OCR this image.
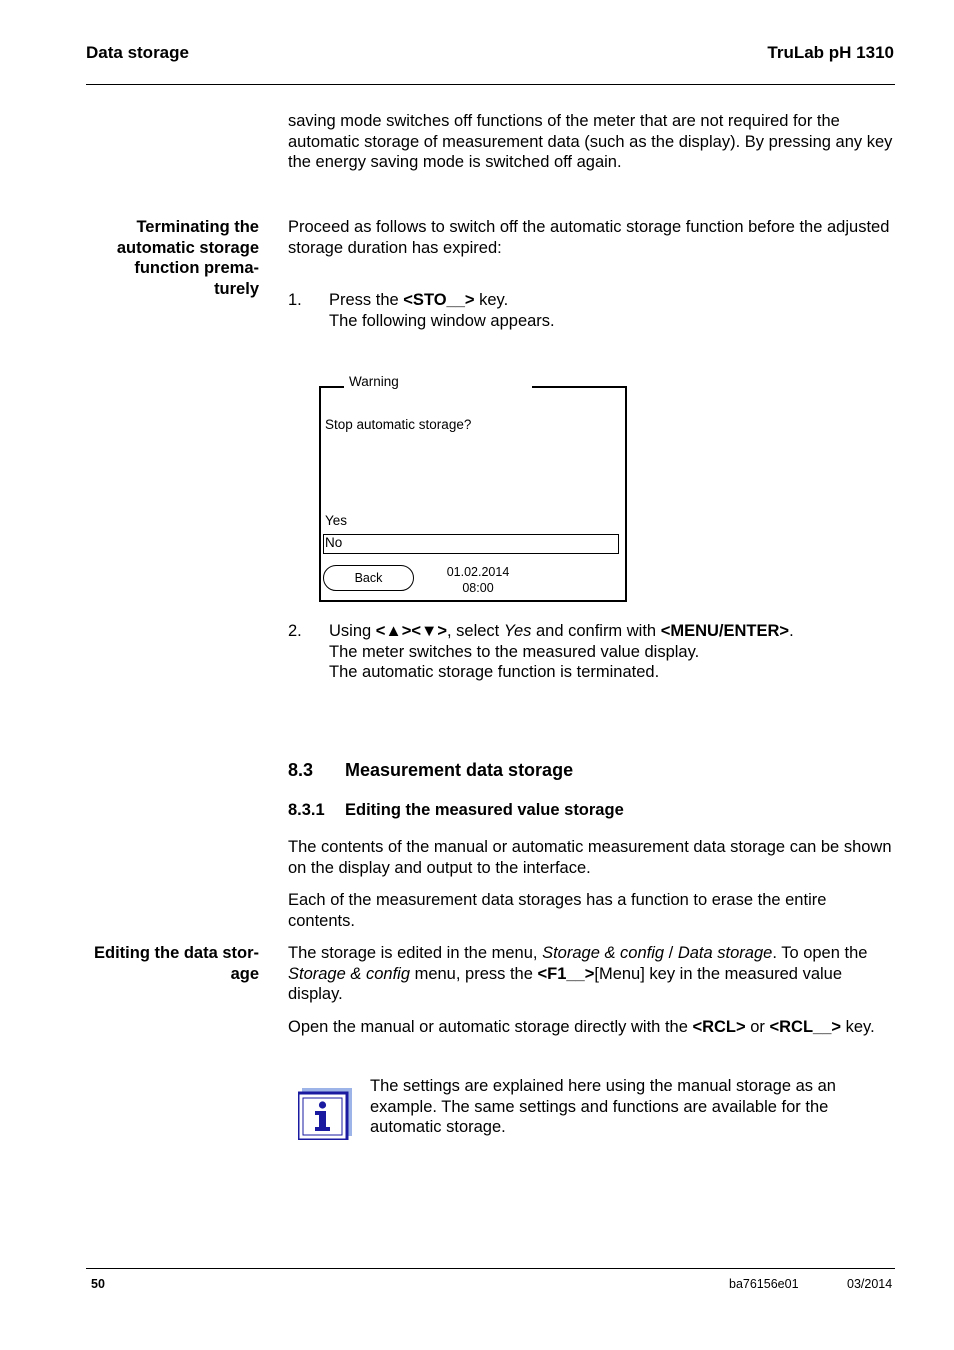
Data storage	TruLab pH 1310
saving mode switches off functions of the meter that are not required for the automatic storage of measurement data (such as the display). By pressing any key the energy saving mode is switched off again.
Terminating the
automatic storage
function prema-
turely
Proceed as follows to switch off the automatic storage function before the adjusted storage duration has expired:
1. Press the <STO__> key.
The following window appears.
Warning
Stop automatic storage?
Yes
No
Back	01.02.2014
08:00
2. Using <▲><▼>, select Yes and confirm with <MENU/ENTER>.
The meter switches to the measured value display.
The automatic storage function is terminated.
8.3 Measurement data storage
8.3.1 Editing the measured value storage
The contents of the manual or automatic measurement data storage can be shown on the display and output to the interface.
Each of the measurement data storages has a function to erase the entire contents.
Editing the data stor-
age
The storage is edited in the menu, Storage & config / Data storage. To open the Storage & config menu, press the <F1__>[Menu] key in the measured value display.
Open the manual or automatic storage directly with the <RCL> or <RCL__> key.
The settings are explained here using the manual storage as an example. The same settings and functions are available for the automatic storage.
50	ba76156e01	03/2014
